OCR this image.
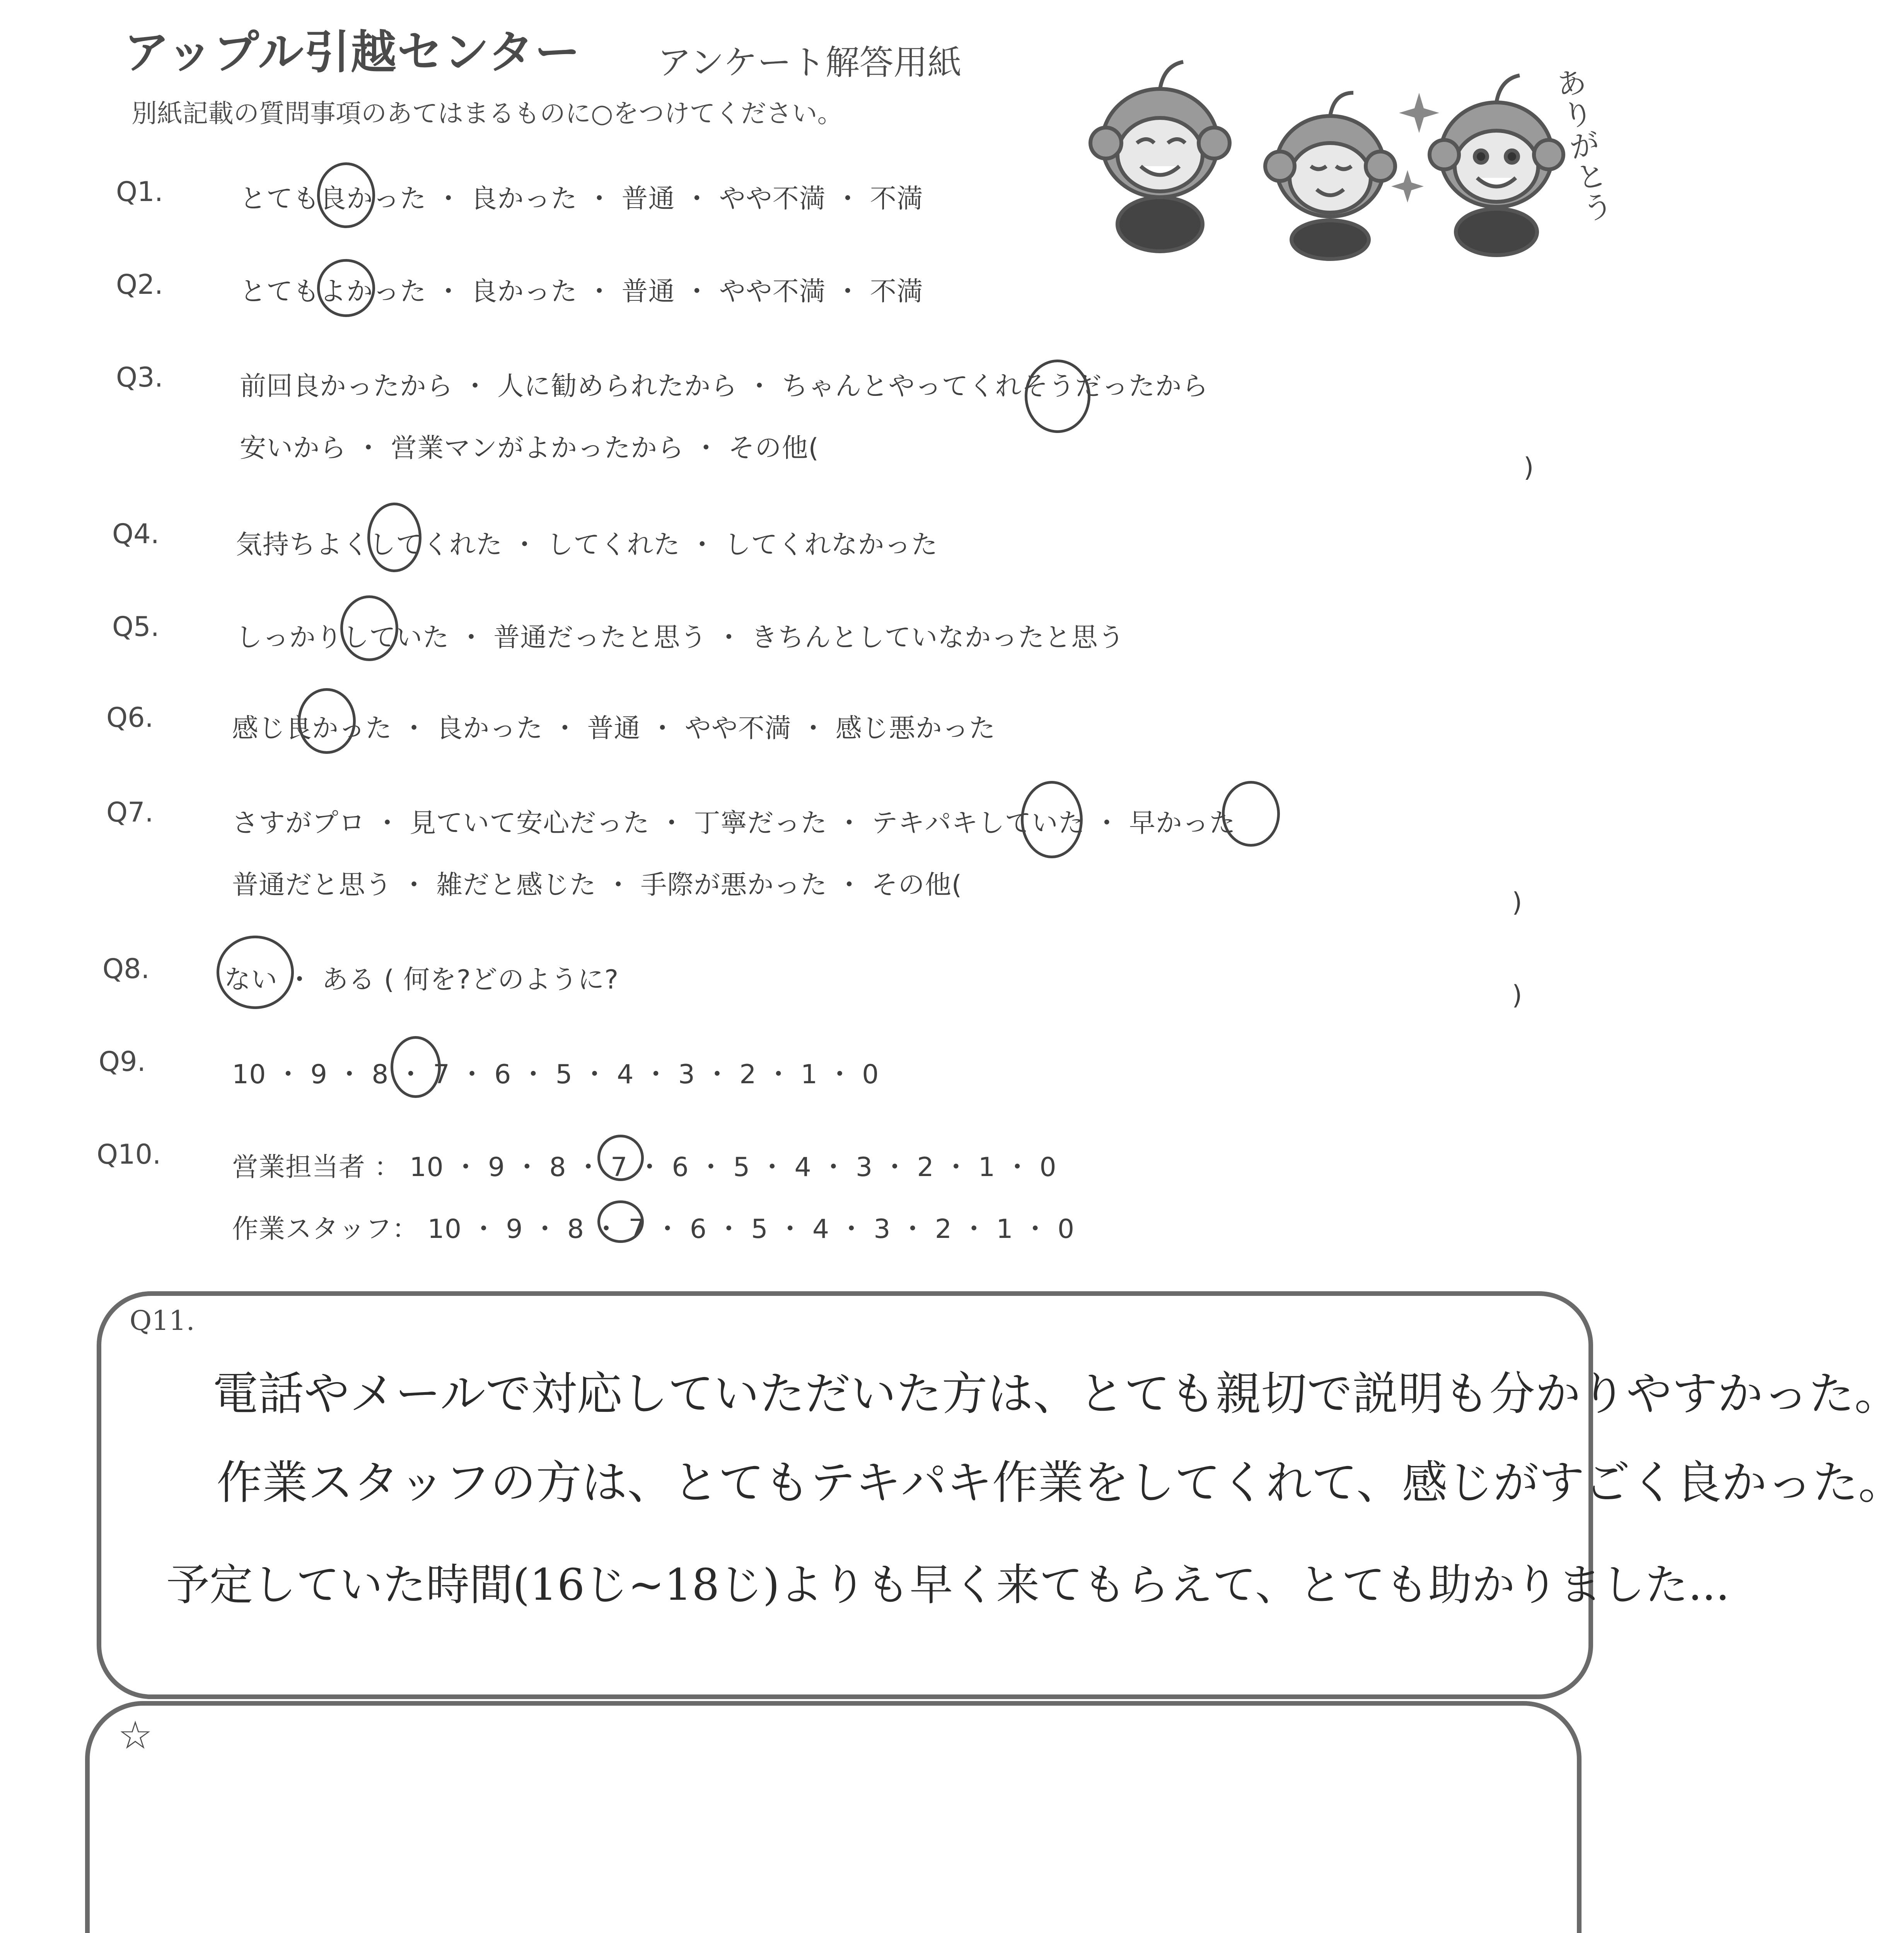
アップル引越センター アンケート解答用紙
別紙記載の質問事項のあてはまるものに○をつけてください。
ありがとう
Q1.	とても良かった ・ 良かった ・ 普通 ・ やや不満 ・ 不満
Q2.	とてもよかった ・ 良かった ・ 普通 ・ やや不満 ・ 不満
Q3.	前回良かったから ・ 人に勧められたから ・ ちゃんとやってくれそうだったから
安いから ・ 営業マンがよかったから ・ その他(
)
Q4.	気持ちよくしてくれた ・ してくれた ・ してくれなかった
Q5.	しっかりしていた ・ 普通だったと思う ・ きちんとしていなかったと思う
Q6.	感じ良かった ・ 良かった ・ 普通 ・ やや不満 ・ 感じ悪かった
Q7.	さすがプロ ・ 見ていて安心だった ・ 丁寧だった ・ テキパキしていた ・ 早かった
普通だと思う ・ 雑だと感じた ・ 手際が悪かった ・ その他(
)
Q8.	ない ・ ある ( 何を?どのように?
)
Q9.	10 ・ 9 ・ 8 ・ 7 ・ 6 ・ 5 ・ 4 ・ 3 ・ 2 ・ 1 ・ 0
Q10.	営業担当者 ： 10 ・ 9 ・ 8 ・ 7 ・ 6 ・ 5 ・ 4 ・ 3 ・ 2 ・ 1 ・ 0
作業スタッフ： 10 ・ 9 ・ 8 ・ 7 ・ 6 ・ 5 ・ 4 ・ 3 ・ 2 ・ 1 ・ 0
Q11.
電話やメールで対応していただいた方は、とても親切で説明も分かりやすかった。
作業スタッフの方は、とてもテキパキ作業をしてくれて、感じがすごく良かった。
予定していた時間(16じ~18じ)よりも早く来てもらえて、とても助かりました...
☆
